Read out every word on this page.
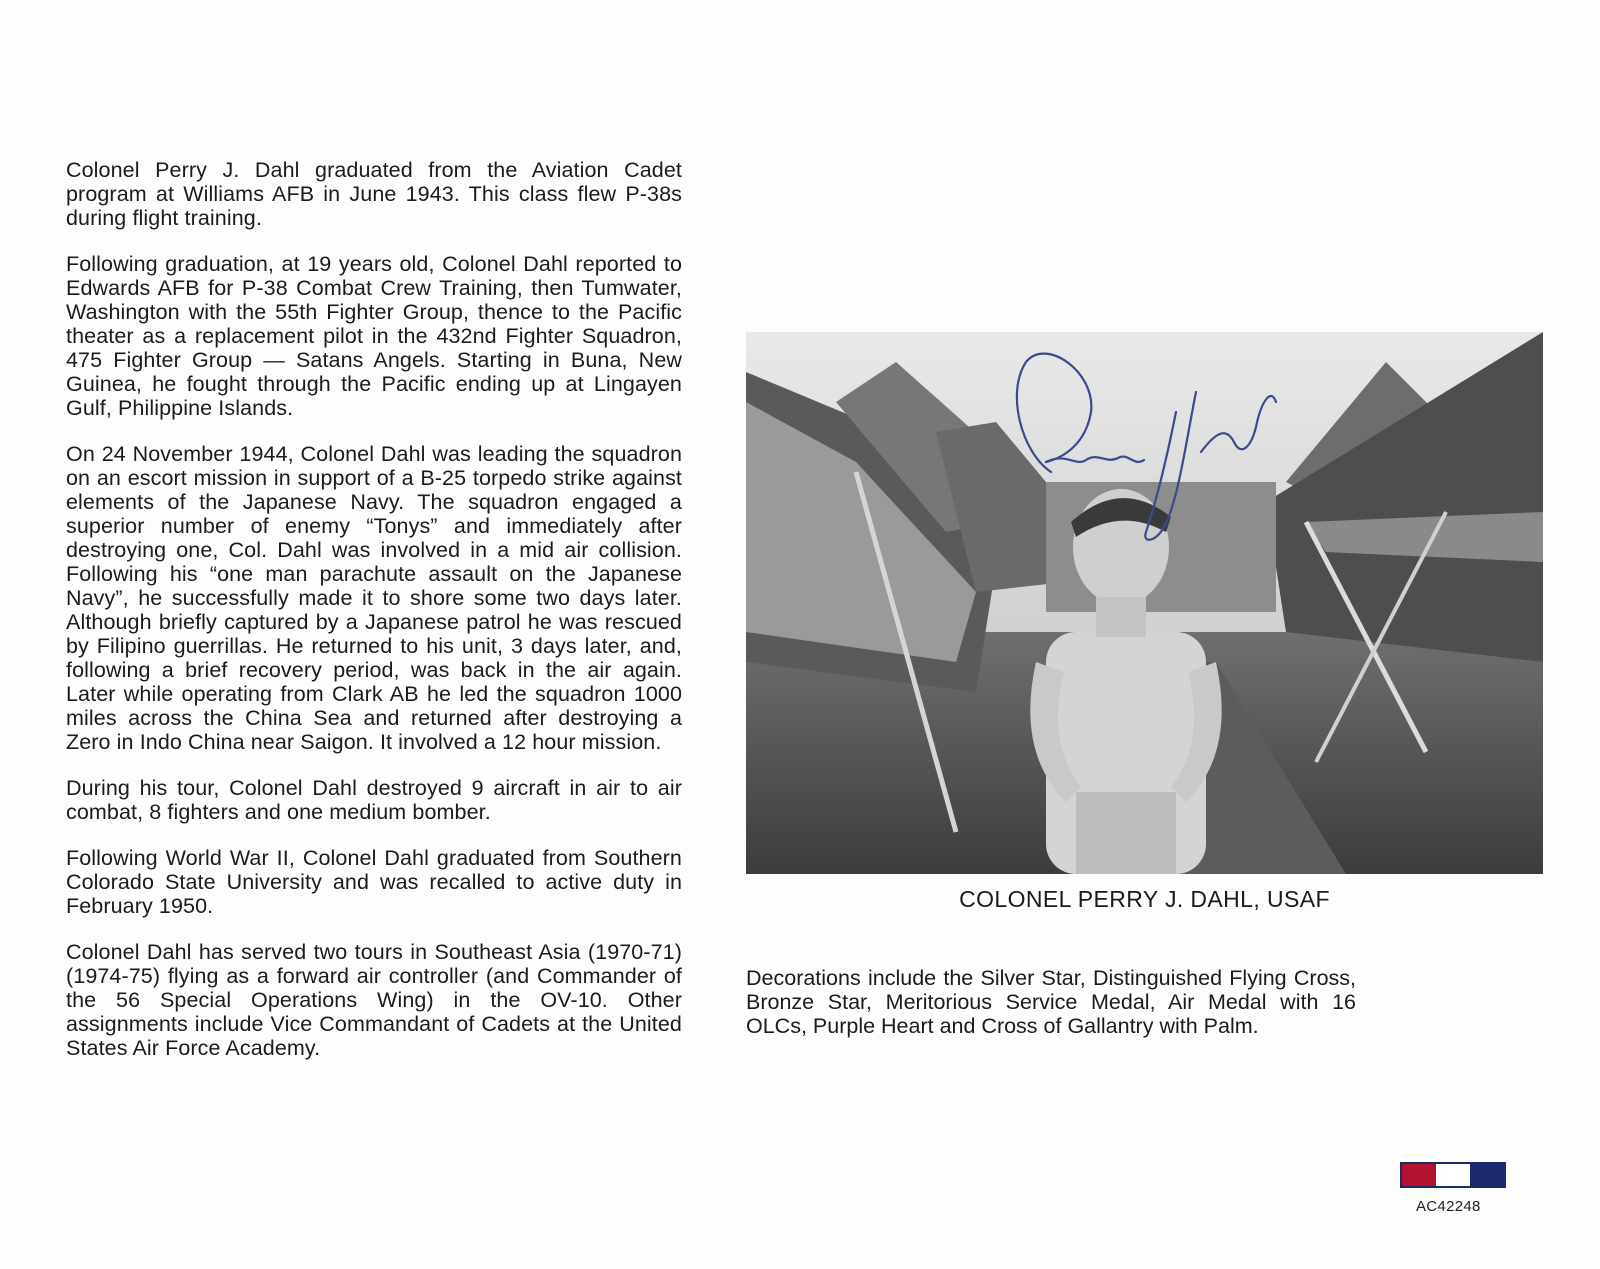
Colonel Perry J. Dahl graduated from the Aviation Cadet program at Williams AFB in June 1943. This class flew P-38s during flight training.

Following graduation, at 19 years old, Colonel Dahl reported to Edwards AFB for P-38 Combat Crew Training, then Tumwater, Washington with the 55th Fighter Group, thence to the Pacific theater as a replacement pilot in the 432nd Fighter Squadron, 475 Fighter Group — Satans Angels. Starting in Buna, New Guinea, he fought through the Pacific ending up at Lingayen Gulf, Philippine Islands.

On 24 November 1944, Colonel Dahl was leading the squadron on an escort mission in support of a B-25 torpedo strike against elements of the Japanese Navy. The squadron engaged a superior number of enemy “Tonys” and immediately after destroying one, Col. Dahl was involved in a mid air collision. Following his “one man parachute assault on the Japanese Navy”, he successfully made it to shore some two days later. Although briefly captured by a Japanese patrol he was rescued by Filipino guerrillas. He returned to his unit, 3 days later, and, following a brief recovery period, was back in the air again. Later while operating from Clark AB he led the squadron 1000 miles across the China Sea and returned after destroying a Zero in Indo China near Saigon. It involved a 12 hour mission.

During his tour, Colonel Dahl destroyed 9 aircraft in air to air combat, 8 fighters and one medium bomber.

Following World War II, Colonel Dahl graduated from Southern Colorado State University and was recalled to active duty in February 1950.

Colonel Dahl has served two tours in Southeast Asia (1970-71) (1974-75) flying as a forward air controller (and Commander of the 56 Special Operations Wing) in the OV-10. Other assignments include Vice Commandant of Cadets at the United States Air Force Academy.

COLONEL PERRY J. DAHL, USAF

Decorations include the Silver Star, Distinguished Flying Cross, Bronze Star, Meritorious Service Medal, Air Medal with 16 OLCs, Purple Heart and Cross of Gallantry with Palm.

AC42248
